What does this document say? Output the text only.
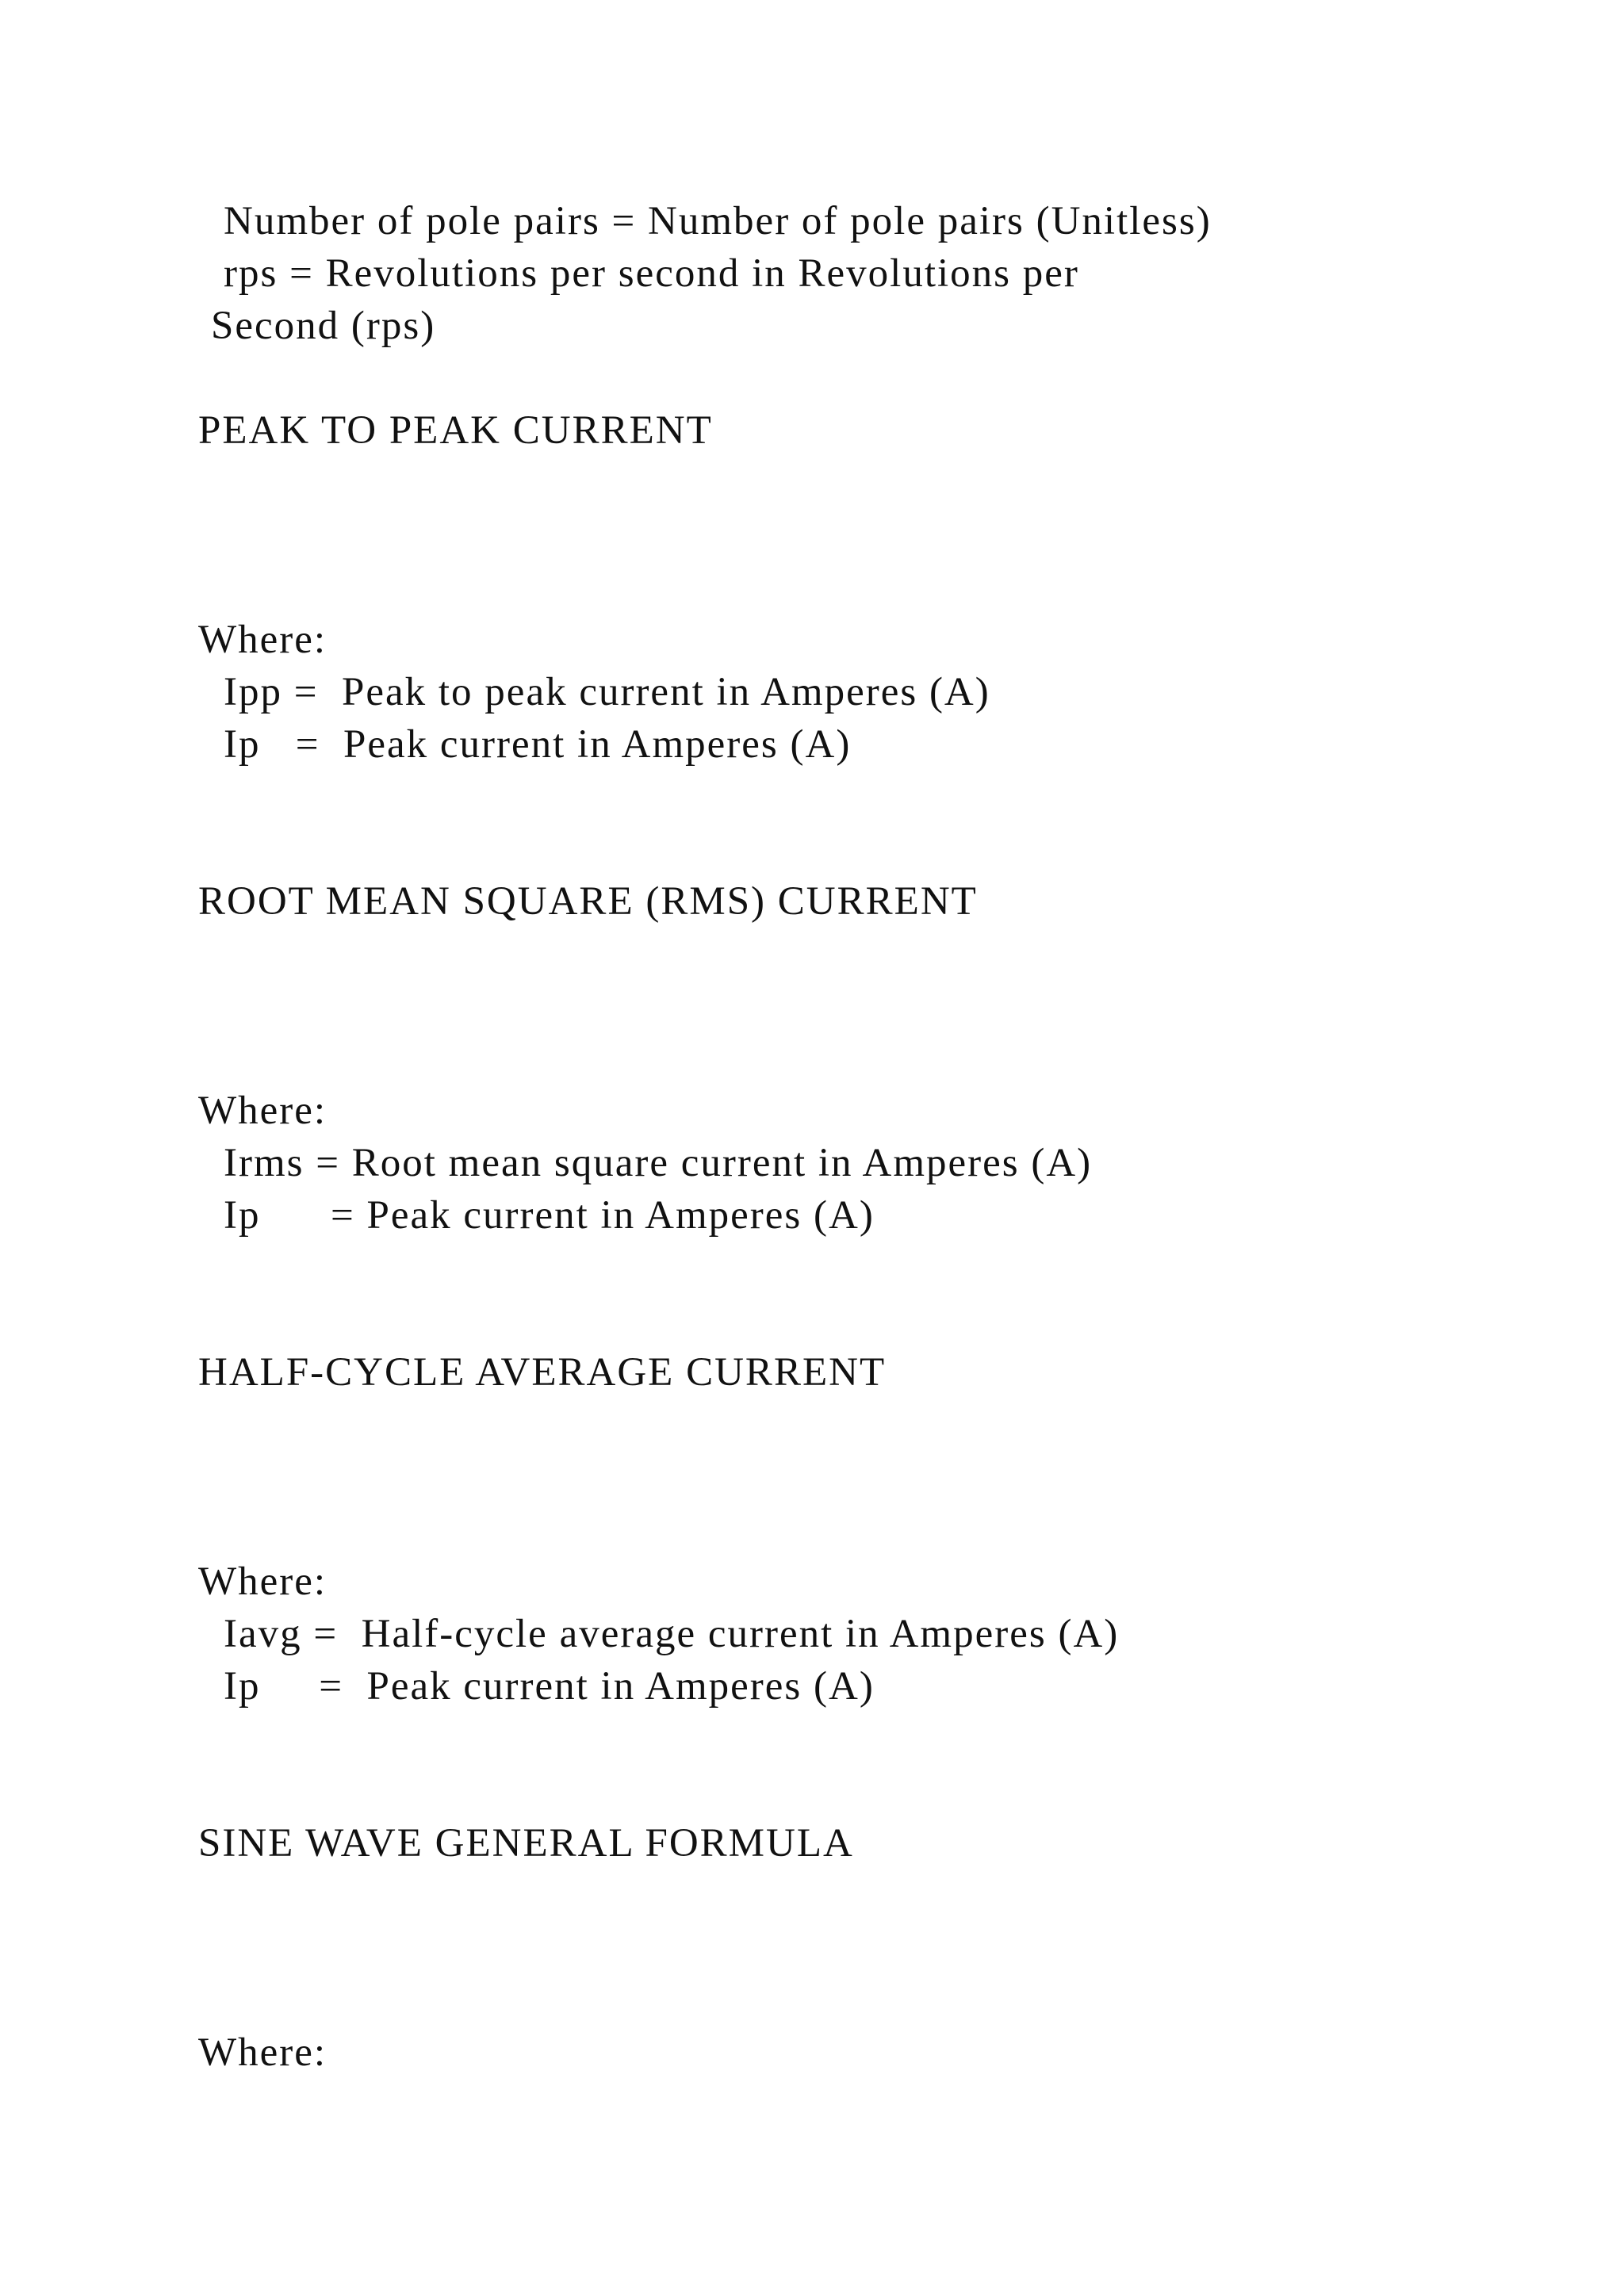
Number of pole pairs = Number of pole pairs (Unitless)
rps = Revolutions per second in Revolutions per
Second (rps)
PEAK TO PEAK CURRENT
Where:
Ipp =  Peak to peak current in Amperes (A)
Ip   =  Peak current in Amperes (A)
ROOT MEAN SQUARE (RMS) CURRENT
Where:
Irms = Root mean square current in Amperes (A)
Ip      = Peak current in Amperes (A)
HALF-CYCLE AVERAGE CURRENT
Where:
Iavg =  Half-cycle average current in Amperes (A)
Ip     =  Peak current in Amperes (A)
SINE WAVE GENERAL FORMULA
Where:
